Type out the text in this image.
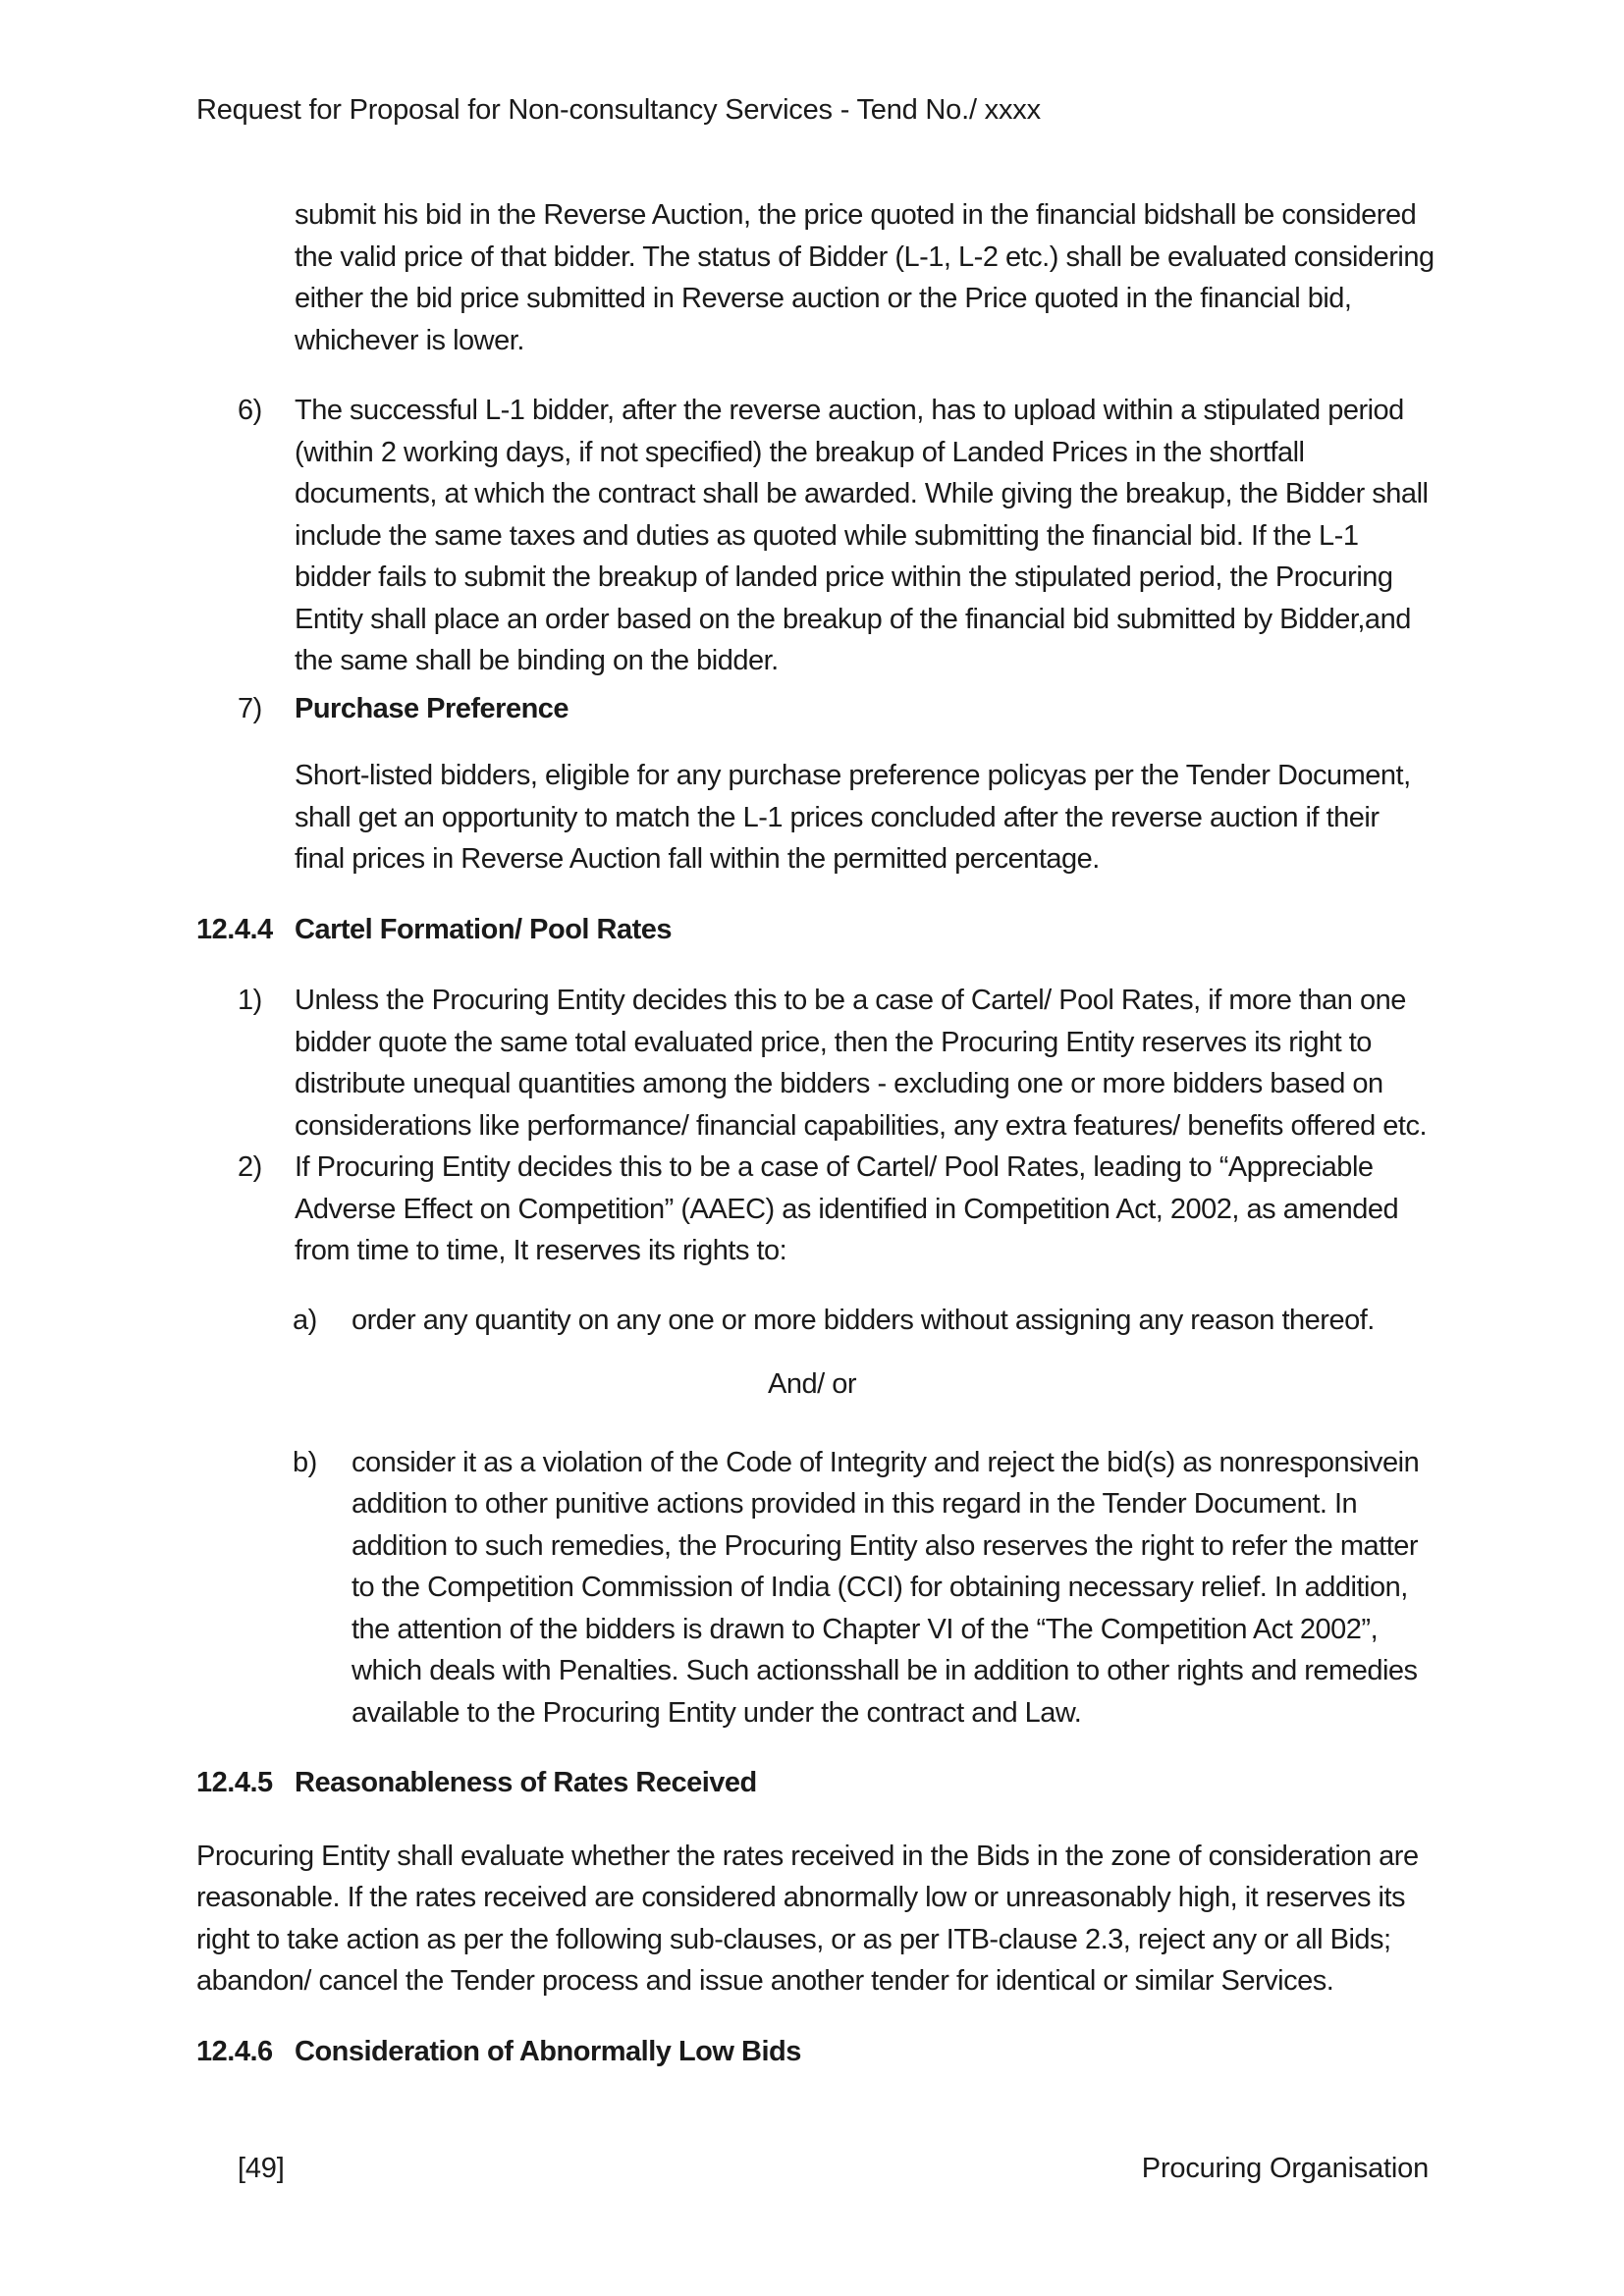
Request for Proposal for Non-consultancy Services - Tend No./ xxxx

submit his bid in the Reverse Auction, the price quoted in the financial bidshall be considered the valid price of that bidder. The status of Bidder (L-1, L-2 etc.) shall be evaluated considering either the bid price submitted in Reverse auction or the Price quoted in the financial bid, whichever is lower.

6)	The successful L-1 bidder, after the reverse auction, has to upload within a stipulated period (within 2 working days, if not specified) the breakup of Landed Prices in the shortfall documents, at which the contract shall be awarded. While giving the breakup, the Bidder shall include the same taxes and duties as quoted while submitting the financial bid. If the L-1 bidder fails to submit the breakup of landed price within the stipulated period, the Procuring Entity shall place an order based on the breakup of the financial bid submitted by Bidder,and the same shall be binding on the bidder.
7)	Purchase Preference

Short-listed bidders, eligible for any purchase preference policyas per the Tender Document, shall get an opportunity to match the L-1 prices concluded after the reverse auction if their final prices in Reverse Auction fall within the permitted percentage.

12.4.4 Cartel Formation/ Pool Rates
1)	Unless the Procuring Entity decides this to be a case of Cartel/ Pool Rates, if more than one bidder quote the same total evaluated price, then the Procuring Entity reserves its right to distribute unequal quantities among the bidders - excluding one or more bidders based on considerations like performance/ financial capabilities, any extra features/ benefits offered etc.
2)	If Procuring Entity decides this to be a case of Cartel/ Pool Rates, leading to “Appreciable Adverse Effect on Competition” (AAEC) as identified in Competition Act, 2002, as amended from time to time, It reserves its rights to:
a)	order any quantity on any one or more bidders without assigning any reason thereof.
And/ or
b)	consider it as a violation of the Code of Integrity and reject the bid(s) as nonresponsivein addition to other punitive actions provided in this regard in the Tender Document. In addition to such remedies, the Procuring Entity also reserves the right to refer the matter to the Competition Commission of India (CCI) for obtaining necessary relief. In addition, the attention of the bidders is drawn to Chapter VI of the “The Competition Act 2002”, which deals with Penalties. Such actionsshall be in addition to other rights and remedies available to the Procuring Entity under the contract and Law.
12.4.5 Reasonableness of Rates Received

Procuring Entity shall evaluate whether the rates received in the Bids in the zone of consideration are reasonable. If the rates received are considered abnormally low or unreasonably high, it reserves its right to take action as per the following sub-clauses, or as per ITB-clause 2.3, reject any or all Bids; abandon/ cancel the Tender process and issue another tender for identical or similar Services.

12.4.6 Consideration of Abnormally Low Bids
[49]	Procuring Organisation
